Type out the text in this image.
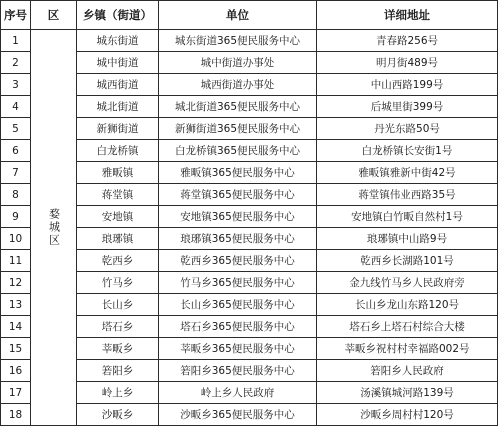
序号	区	乡镇（街道）	单位	详细地址
1	婺城区	城东街道	城东街道365便民服务中心	青春路256号
2		城中街道	城中街道办事处	明月街489号
3		城西街道	城西街道办事处	中山西路199号
4		城北街道	城北街道365便民服务中心	后城里街399号
5		新狮街道	新狮街道365便民服务中心	丹光东路50号
6		白龙桥镇	白龙桥镇365便民服务中心	白龙桥镇长安街1号
7		雅畈镇	雅畈镇365便民服务中心	雅畈镇雅新中街42号
8		蒋堂镇	蒋堂镇365便民服务中心	蒋堂镇伟业西路35号
9		安地镇	安地镇365便民服务中心	安地镇白竹畈自然村1号
10		琅琊镇	琅琊镇365便民服务中心	琅琊镇中山路9号
11		乾西乡	乾西乡365便民服务中心	乾西乡长湖路101号
12		竹马乡	竹马乡365便民服务中心	金九线竹马乡人民政府旁
13		长山乡	长山乡365便民服务中心	长山乡龙山东路120号
14		塔石乡	塔石乡365便民服务中心	塔石乡上塔石村综合大楼
15		莘畈乡	莘畈乡365便民服务中心	莘畈乡祝村村幸福路002号
16		箬阳乡	箬阳乡365便民服务中心	箬阳乡人民政府
17		岭上乡	岭上乡人民政府	汤溪镇城河路139号
18		沙畈乡	沙畈乡365便民服务中心	沙畈乡周村村120号
